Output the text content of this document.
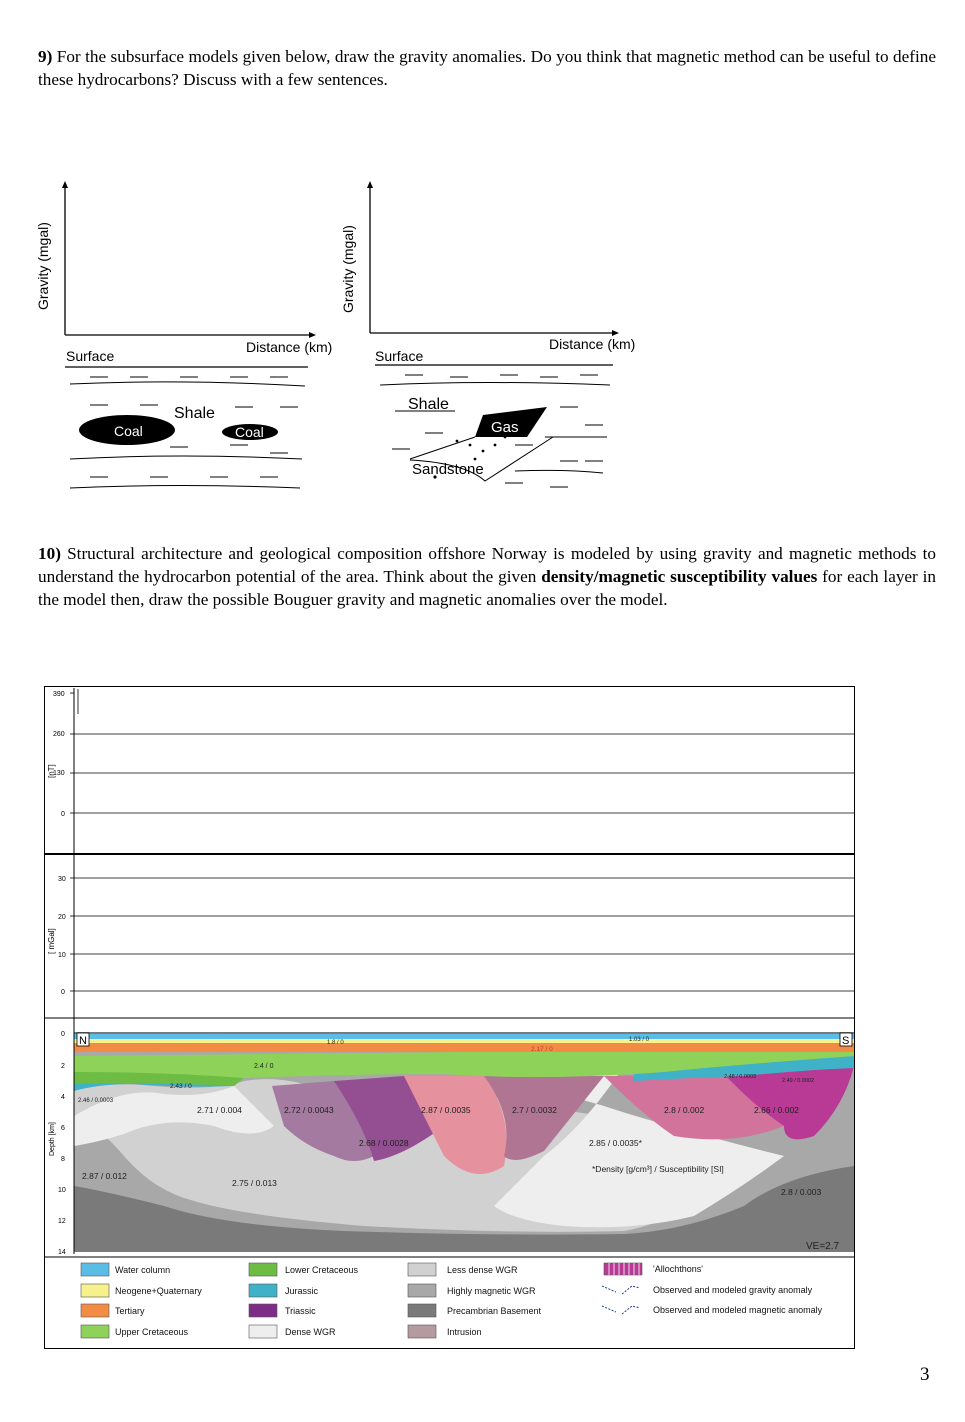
9) For the subsurface models given below, draw the gravity anomalies. Do you think that magnetic method can be useful to define these hydrocarbons? Discuss with a few sentences.
Gravity (mgal)
Distance (km)
Surface
Coal	Coal
Shale
Gravity (mgal)
Distance (km)
Surface
Gas
Shale
Sandstone
10) Structural architecture and geological composition offshore Norway is modeled by using gravity and magnetic methods to understand the hydrocarbon potential of the area. Think about the given density/magnetic susceptibility values for each layer in the model then, draw the possible Bouguer gravity and magnetic anomalies over the model.
[nT]
390
260
130
0
[ mGal]
30
20
10
0
Depth [km]
0
2
4
6
8
10
12
14
N	S
1.8 / 0	1.03 / 0
2.17 / 0
2.4 / 0
2.43 / 0
2.46 / 0.0003
2.71 / 0.004	2.72 / 0.0043
2.68 / 0.0028
2.87 / 0.0035	2.7 / 0.0032	2.8 / 0.002	2.66 / 0.002
2.48 / 0.0003
2.49 / 0.0002
2.85 / 0.0035*
*Density [g/cm³] / Susceptibility [SI]
2.87 / 0.012
2.75 / 0.013
2.8 / 0.003
VE=2.7
Water column
Neogene+Quaternary
Tertiary
Upper Cretaceous
Lower Cretaceous
Jurassic
Triassic
Dense WGR
Less dense WGR
Highly magnetic WGR
Precambrian Basement
Intrusion
'Allochthons'
Observed and modeled gravity anomaly
Observed and modeled magnetic anomaly
3
